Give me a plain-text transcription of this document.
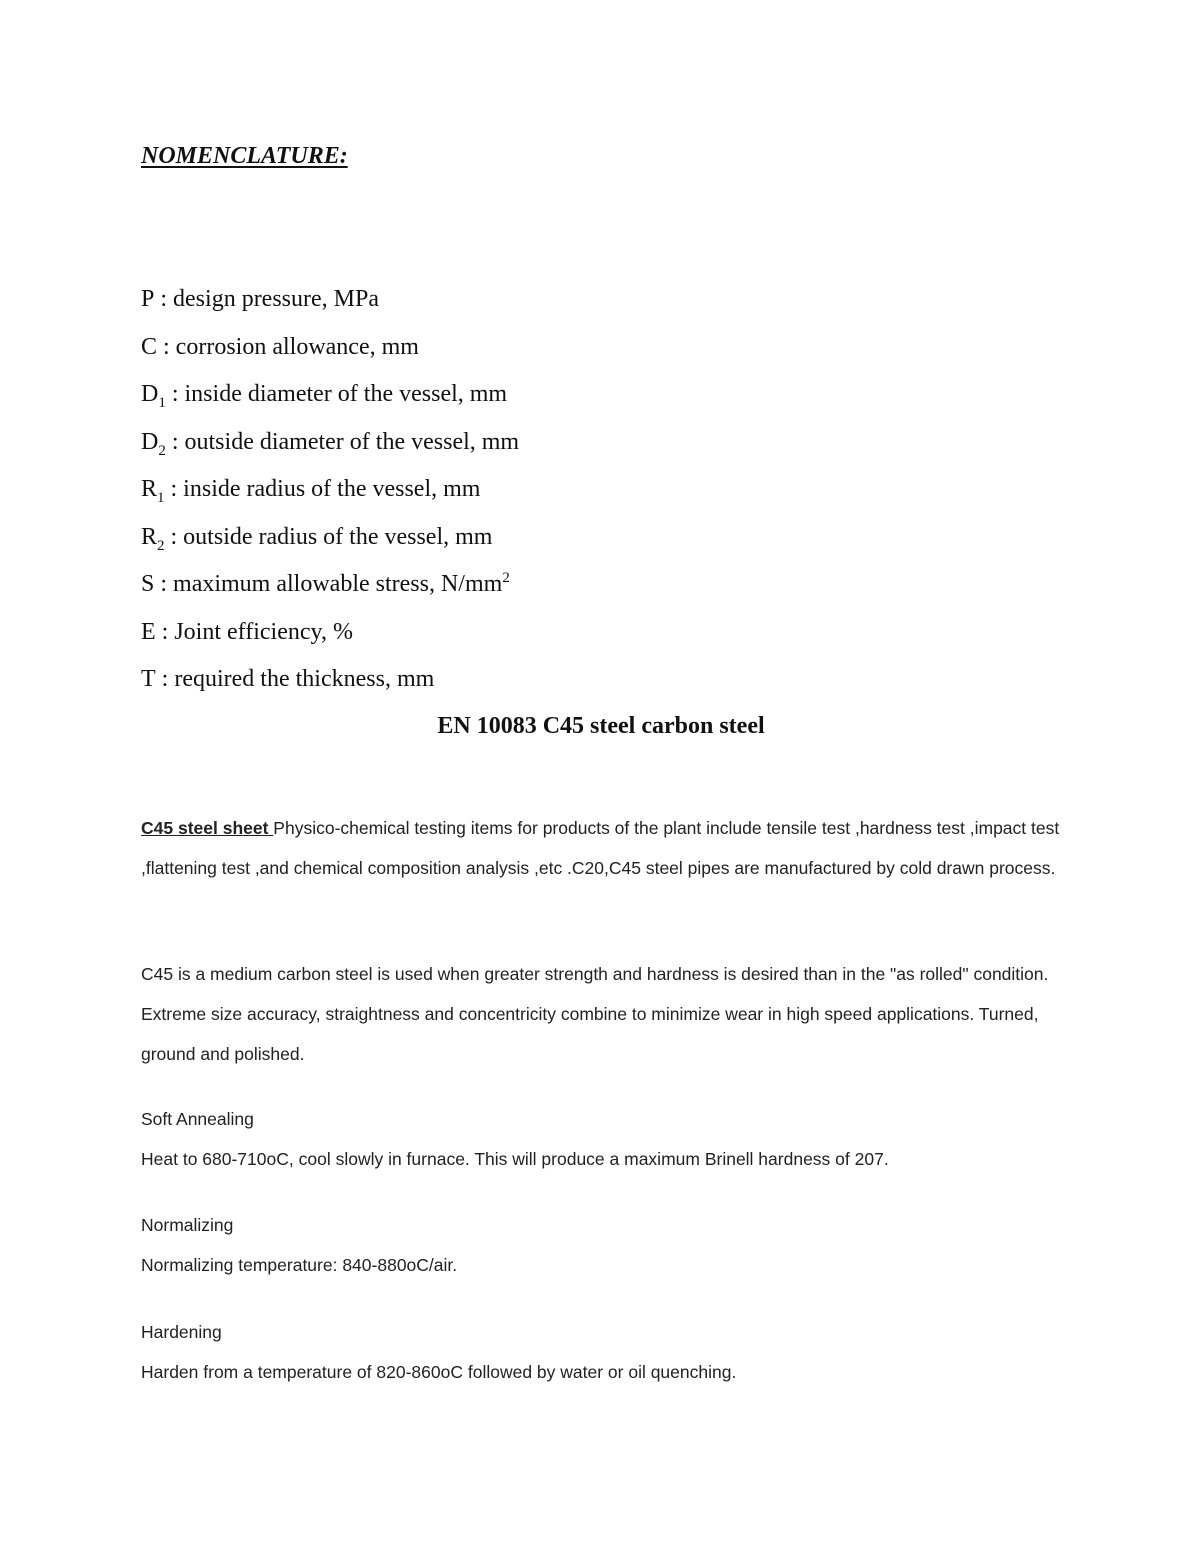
NOMENCLATURE:
P : design pressure, MPa
C : corrosion allowance, mm
$D_1$ : inside diameter of the vessel, mm
$D_2$ : outside diameter of the vessel, mm
$R_1$ : inside radius of the vessel, mm
$R_2$ : outside radius of the vessel, mm
S : maximum allowable stress, $N/mm^2$
E : Joint efficiency, %
T : required the thickness, mm
EN 10083 C45 steel carbon steel

C45 steel sheet Physico-chemical testing items for products of the plant include tensile test ,hardness test ,impact test ,flattening test ,and chemical composition analysis ,etc .C20,C45 steel pipes are manufactured by cold drawn process.

C45 is a medium carbon steel is used when greater strength and hardness is desired than in the "as rolled" condition. Extreme size accuracy, straightness and concentricity combine to minimize wear in high speed applications. Turned, ground and polished.

Soft Annealing
Heat to 680-710oC, cool slowly in furnace. This will produce a maximum Brinell hardness of 207.
Normalizing
Normalizing temperature: 840-880oC/air.
Hardening
Harden from a temperature of 820-860oC followed by water or oil quenching.
